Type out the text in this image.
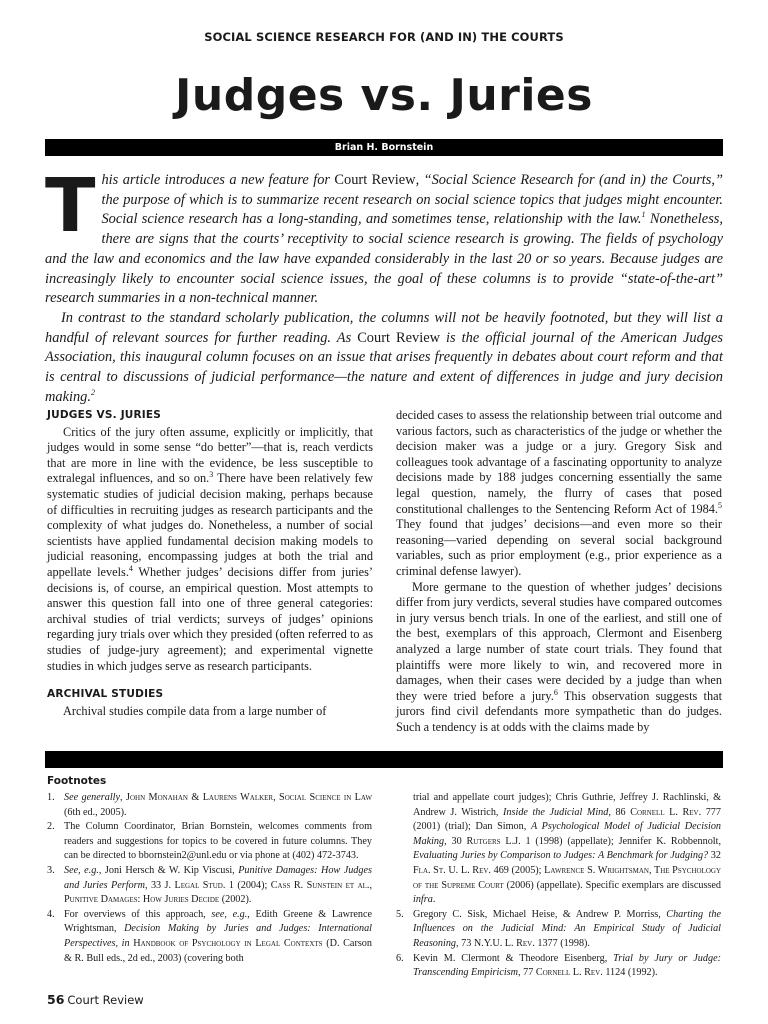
SOCIAL SCIENCE RESEARCH FOR (AND IN) THE COURTS
Judges vs. Juries
Brian H. Bornstein

This article introduces a new feature for Court Review, “Social Science Research for (and in) the Courts,” the purpose of which is to summarize recent research on social science topics that judges might encounter. Social science research has a long-standing, and sometimes tense, relationship with the law.$^1$ Nonetheless, there are signs that the courts’ receptivity to social science research is growing. The fields of psychology and the law and economics and the law have expanded considerably in the last 20 or so years. Because judges are increasingly likely to encounter social science issues, the goal of these columns is to provide “state-of-the-art” research summaries in a non-technical manner.

In contrast to the standard scholarly publication, the columns will not be heavily footnoted, but they will list a handful of relevant sources for further reading. As Court Review is the official journal of the American Judges Association, this inaugural column focuses on an issue that arises frequently in debates about court reform and that is central to discussions of judicial performance—the nature and extent of differences in judge and jury decision making.$^2$

JUDGES VS. JURIES

Critics of the jury often assume, explicitly or implicitly, that judges would in some sense “do better”—that is, reach verdicts that are more in line with the evidence, be less susceptible to extralegal influences, and so on.$^3$ There have been relatively few systematic studies of judicial decision making, perhaps because of difficulties in recruiting judges as research participants and the complexity of what judges do. Nonetheless, a number of social scientists have applied fundamental decision making models to judicial reasoning, encompassing judges at both the trial and appellate levels.$^4$ Whether judges’ decisions differ from juries’ decisions is, of course, an empirical question. Most attempts to answer this question fall into one of three general categories: archival studies of trial verdicts; surveys of judges’ opinions regarding jury trials over which they presided (often referred to as studies of judge-jury agreement); and experimental vignette studies in which judges serve as research participants.

ARCHIVAL STUDIES

Archival studies compile data from a large number of

decided cases to assess the relationship between trial outcome and various factors, such as characteristics of the judge or whether the decision maker was a judge or a jury. Gregory Sisk and colleagues took advantage of a fascinating opportunity to analyze decisions made by 188 judges concerning essentially the same legal question, namely, the flurry of cases that posed constitutional challenges to the Sentencing Reform Act of 1984.$^5$ They found that judges’ decisions—and even more so their reasoning—varied depending on several social background variables, such as prior employment (e.g., prior experience as a criminal defense lawyer).

More germane to the question of whether judges’ decisions differ from jury verdicts, several studies have compared outcomes in jury versus bench trials. In one of the earliest, and still one of the best, exemplars of this approach, Clermont and Eisenberg analyzed a large number of state court trials. They found that plaintiffs were more likely to win, and recovered more in damages, when their cases were decided by a judge than when they were tried before a jury.$^6$ This observation suggests that jurors find civil defendants more sympathetic than do judges. Such a tendency is at odds with the claims made by

Footnotes

1. See generally, John Monahan & Laurens Walker, Social Science in Law (6th ed., 2005).

2. The Column Coordinator, Brian Bornstein, welcomes comments from readers and suggestions for topics to be covered in future columns. They can be directed to bbornstein2@unl.edu or via phone at (402) 472-3743.

3. See, e.g., Joni Hersch & W. Kip Viscusi, Punitive Damages: How Judges and Juries Perform, 33 J. Legal Stud. 1 (2004); Cass R. Sunstein et al., Punitive Damages: How Juries Decide (2002).

4. For overviews of this approach, see, e.g., Edith Greene & Lawrence Wrightsman, Decision Making by Juries and Judges: International Perspectives, in Handbook of Psychology in Legal Contexts (D. Carson & R. Bull eds., 2d ed., 2003) (covering both

trial and appellate court judges); Chris Guthrie, Jeffrey J. Rachlinski, & Andrew J. Wistrich, Inside the Judicial Mind, 86 Cornell L. Rev. 777 (2001) (trial); Dan Simon, A Psychological Model of Judicial Decision Making, 30 Rutgers L.J. 1 (1998) (appellate); Jennifer K. Robbennolt, Evaluating Juries by Comparison to Judges: A Benchmark for Judging? 32 Fla. St. U. L. Rev. 469 (2005); Lawrence S. Wrightsman, The Psychology of the Supreme Court (2006) (appellate). Specific exemplars are discussed infra.

5. Gregory C. Sisk, Michael Heise, & Andrew P. Morriss, Charting the Influences on the Judicial Mind: An Empirical Study of Judicial Reasoning, 73 N.Y.U. L. Rev. 1377 (1998).

6. Kevin M. Clermont & Theodore Eisenberg, Trial by Jury or Judge: Transcending Empiricism, 77 Cornell L. Rev. 1124 (1992).

56 Court Review
